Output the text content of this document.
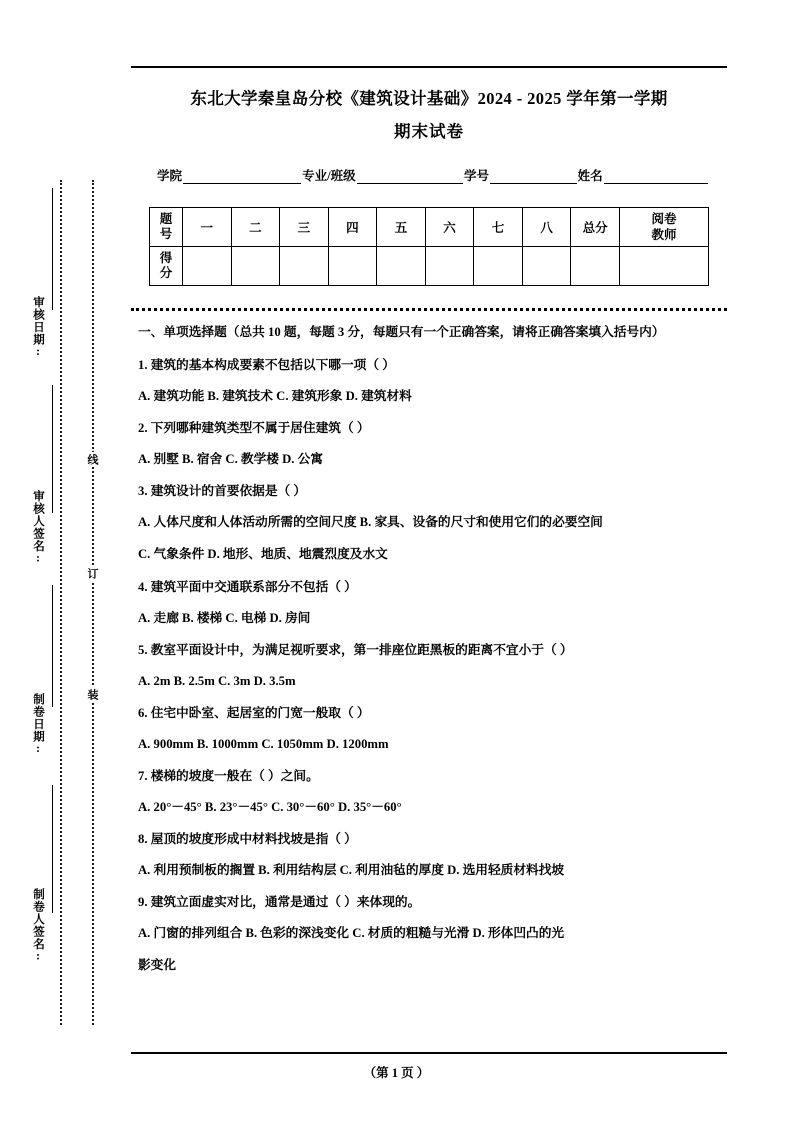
审核日期:
审核人签名:
制卷日期:
制卷人签名:
线
订
装
东北大学秦皇岛分校《建筑设计基础》2024 - 2025 学年第一学期
期末试卷
学院	专业/班级	学号	姓名
题
号	一	二	三	四	五	六	七	八	总分	阅卷
教师

得
分										

一、单项选择题（总共 10 题，每题 3 分，每题只有一个正确答案，请将正确答案填入括号内）
1. 建筑的基本构成要素不包括以下哪一项（ ）
A. 建筑功能 B. 建筑技术 C. 建筑形象 D. 建筑材料
2. 下列哪种建筑类型不属于居住建筑（ ）
A. 别墅 B. 宿舍 C. 教学楼 D. 公寓
3. 建筑设计的首要依据是（ ）
A. 人体尺度和人体活动所需的空间尺度 B. 家具、设备的尺寸和使用它们的必要空间
C. 气象条件 D. 地形、地质、地震烈度及水文
4. 建筑平面中交通联系部分不包括（ ）
A. 走廊 B. 楼梯 C. 电梯 D. 房间
5. 教室平面设计中，为满足视听要求，第一排座位距黑板的距离不宜小于（ ）
A. 2m B. 2.5m C. 3m D. 3.5m
6. 住宅中卧室、起居室的门宽一般取（ ）
A. 900mm B. 1000mm C. 1050mm D. 1200mm
7. 楼梯的坡度一般在（ ）之间。
A. 20°－45° B. 23°－45° C. 30°－60° D. 35°－60°
8. 屋顶的坡度形成中材料找坡是指（ ）
A. 利用预制板的搁置 B. 利用结构层 C. 利用油毡的厚度 D. 选用轻质材料找坡
9. 建筑立面虚实对比，通常是通过（ ）来体现的。
A. 门窗的排列组合 B. 色彩的深浅变化 C. 材质的粗糙与光滑 D. 形体凹凸的光
影变化
（第 1 页 ）
